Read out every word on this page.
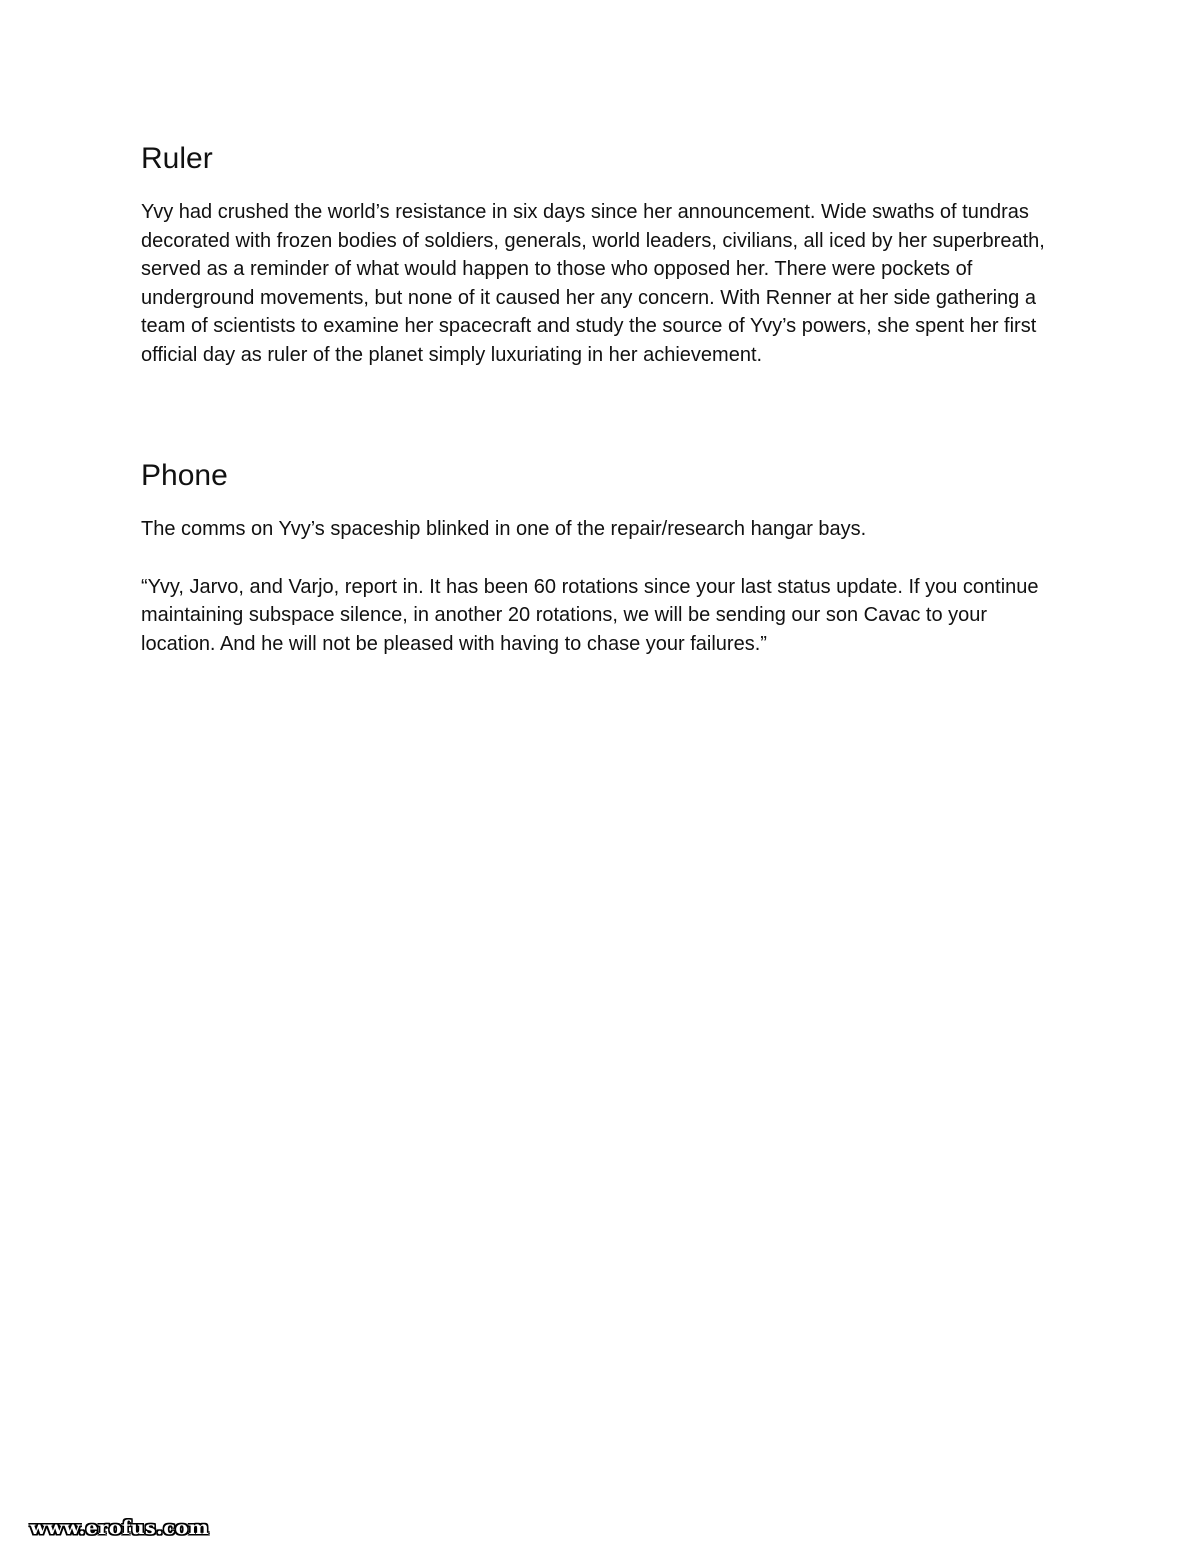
Ruler

Yvy had crushed the world’s resistance in six days since her announcement. Wide swaths of tundras decorated with frozen bodies of soldiers, generals, world leaders, civilians, all iced by her superbreath, served as a reminder of what would happen to those who opposed her. There were pockets of underground movements, but none of it caused her any concern. With Renner at her side gathering a team of scientists to examine her spacecraft and study the source of Yvy’s powers, she spent her first official day as ruler of the planet simply luxuriating in her achievement.

Phone

The comms on Yvy’s spaceship blinked in one of the repair/research hangar bays.

“Yvy, Jarvo, and Varjo, report in. It has been 60 rotations since your last status update. If you continue maintaining subspace silence, in another 20 rotations, we will be sending our son Cavac to your location. And he will not be pleased with having to chase your failures.”

www.erofus.com
